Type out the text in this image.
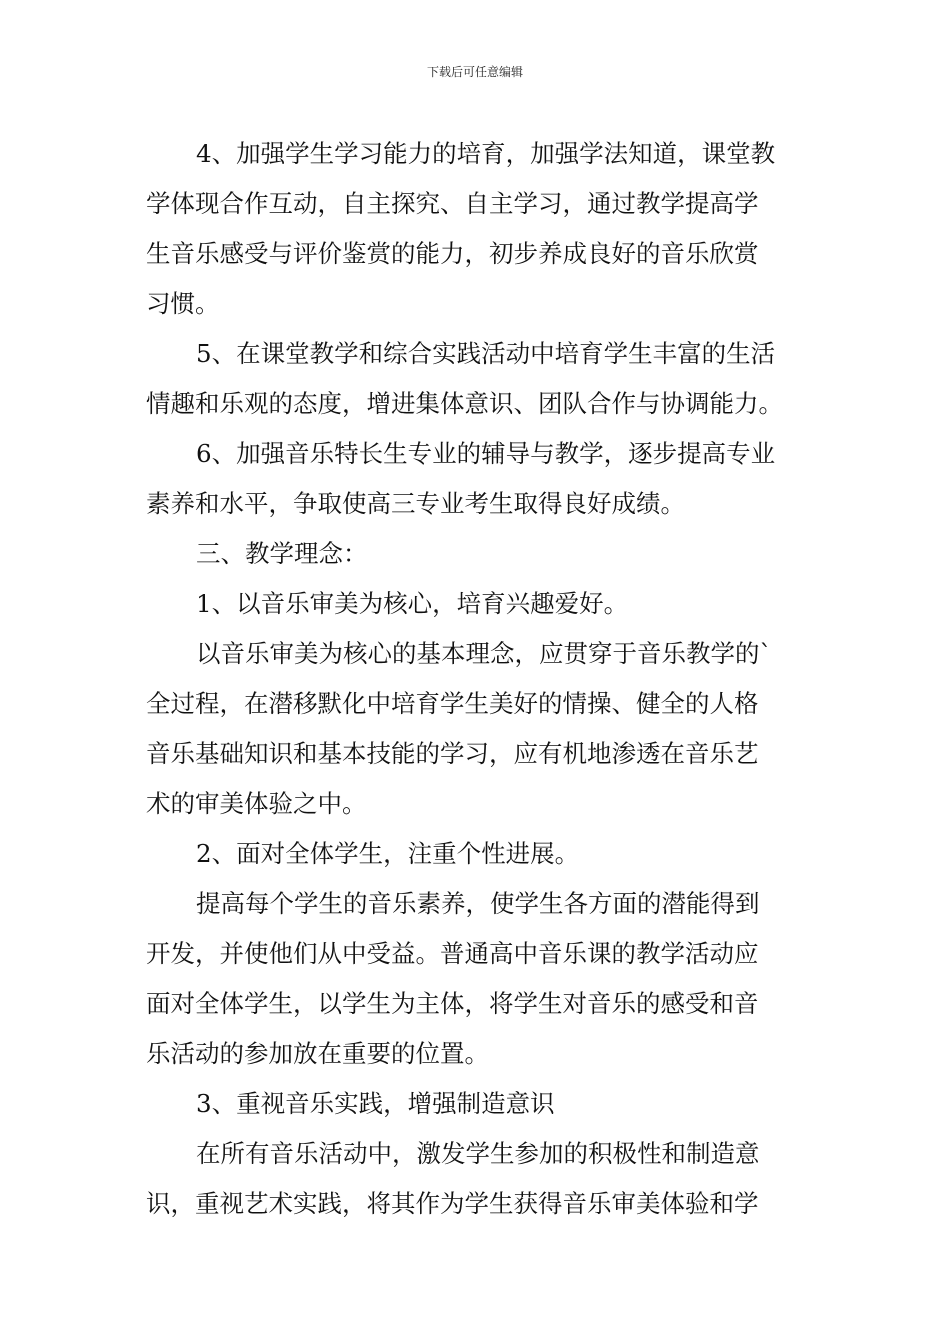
下载后可任意编辑
4、加强学生学习能力的培育，加强学法知道，课堂教
学体现合作互动，自主探究、自主学习，通过教学提高学
生音乐感受与评价鉴赏的能力，初步养成良好的音乐欣赏
习惯。
5、在课堂教学和综合实践活动中培育学生丰富的生活
情趣和乐观的态度，增进集体意识、团队合作与协调能力。
6、加强音乐特长生专业的辅导与教学，逐步提高专业
素养和水平，争取使高三专业考生取得良好成绩。
三、教学理念：
1、以音乐审美为核心，培育兴趣爱好。
以音乐审美为核心的基本理念，应贯穿于音乐教学的`
全过程，在潜移默化中培育学生美好的情操、健全的人格
音乐基础知识和基本技能的学习，应有机地渗透在音乐艺
术的审美体验之中。
2、面对全体学生，注重个性进展。
提高每个学生的音乐素养，使学生各方面的潜能得到
开发，并使他们从中受益。普通高中音乐课的教学活动应
面对全体学生，以学生为主体，将学生对音乐的感受和音
乐活动的参加放在重要的位置。
3、重视音乐实践，增强制造意识
在所有音乐活动中，激发学生参加的积极性和制造意
识，重视艺术实践，将其作为学生获得音乐审美体验和学
